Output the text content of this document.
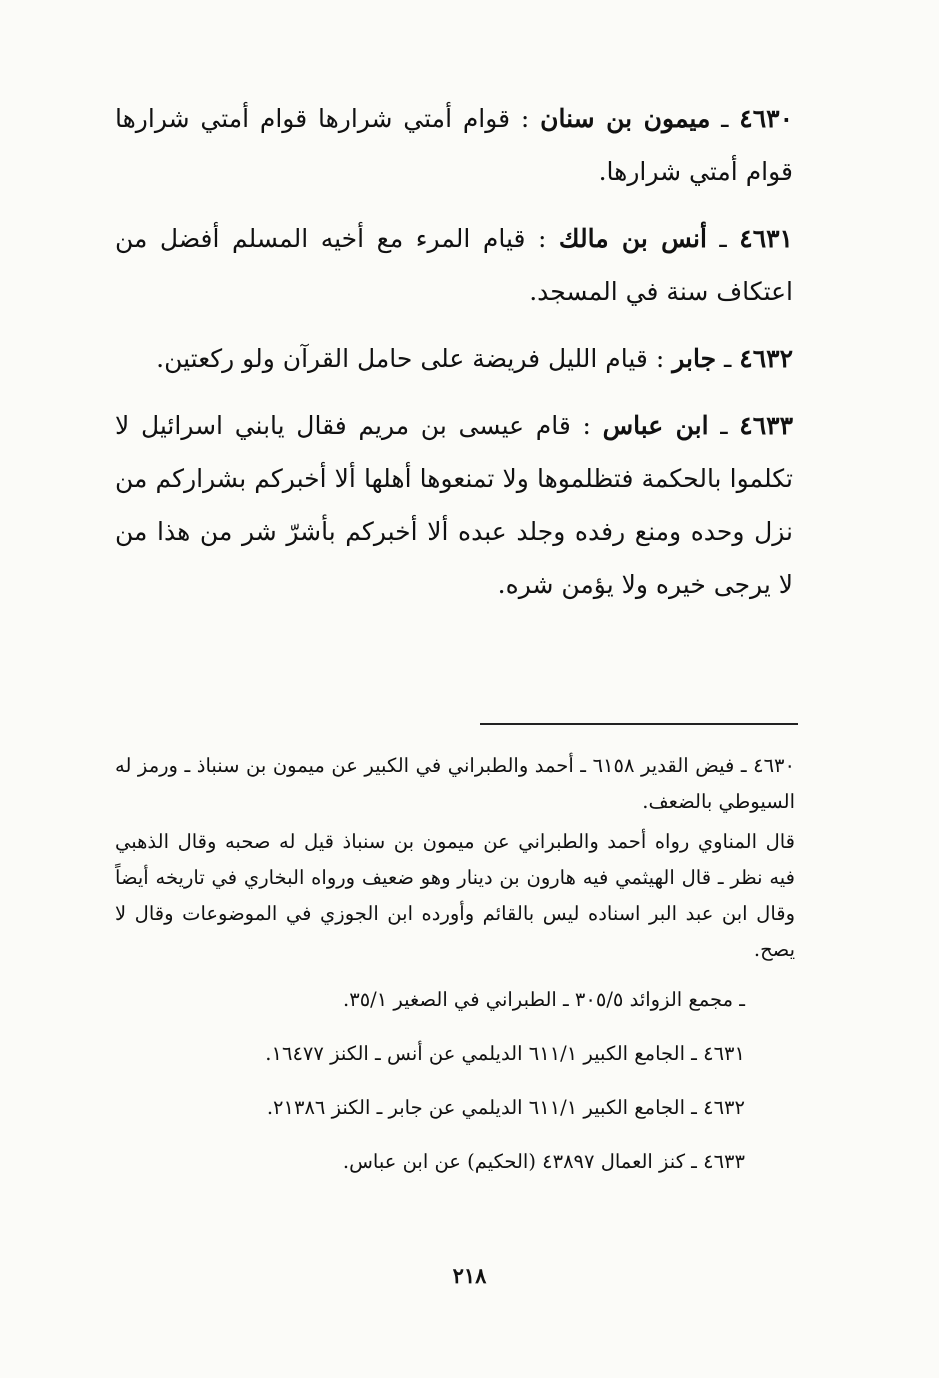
٤٦٣٠ ـ ميمون بن سنان : قوام أمتي شرارها قوام أمتي شرارها قوام أمتي شرارها.

٤٦٣١ ـ أنس بن مالك : قيام المرء مع أخيه المسلم أفضل من اعتكاف سنة في المسجد.

٤٦٣٢ ـ جابر : قيام الليل فريضة على حامل القرآن ولو ركعتين.

٤٦٣٣ ـ ابن عباس : قام عيسى بن مريم فقال يابني اسرائيل لا تكلموا بالحكمة فتظلموها ولا تمنعوها أهلها ألا أخبركم بشراركم من نزل وحده ومنع رفده وجلد عبده ألا أخبركم بأشرّ شر من هذا من لا يرجى خيره ولا يؤمن شره.

٤٦٣٠ ـ فيض القدير ٦١٥٨ ـ أحمد والطبراني في الكبير عن ميمون بن سنباذ ـ ورمز له السيوطي بالضعف.

قال المناوي رواه أحمد والطبراني عن ميمون بن سنباذ قيل له صحبه وقال الذهبي فيه نظر ـ قال الهيثمي فيه هارون بن دينار وهو ضعيف ورواه البخاري في تاريخه أيضاً وقال ابن عبد البر اسناده ليس بالقائم وأورده ابن الجوزي في الموضوعات وقال لا يصح.

ـ مجمع الزوائد ٣٠٥/٥ ـ الطبراني في الصغير ٣٥/١.

٤٦٣١ ـ الجامع الكبير ٦١١/١ الديلمي عن أنس ـ الكنز ١٦٤٧٧.

٤٦٣٢ ـ الجامع الكبير ٦١١/١ الديلمي عن جابر ـ الكنز ٢١٣٨٦.

٤٦٣٣ ـ كنز العمال ٤٣٨٩٧ (الحكيم) عن ابن عباس.

٢١٨
